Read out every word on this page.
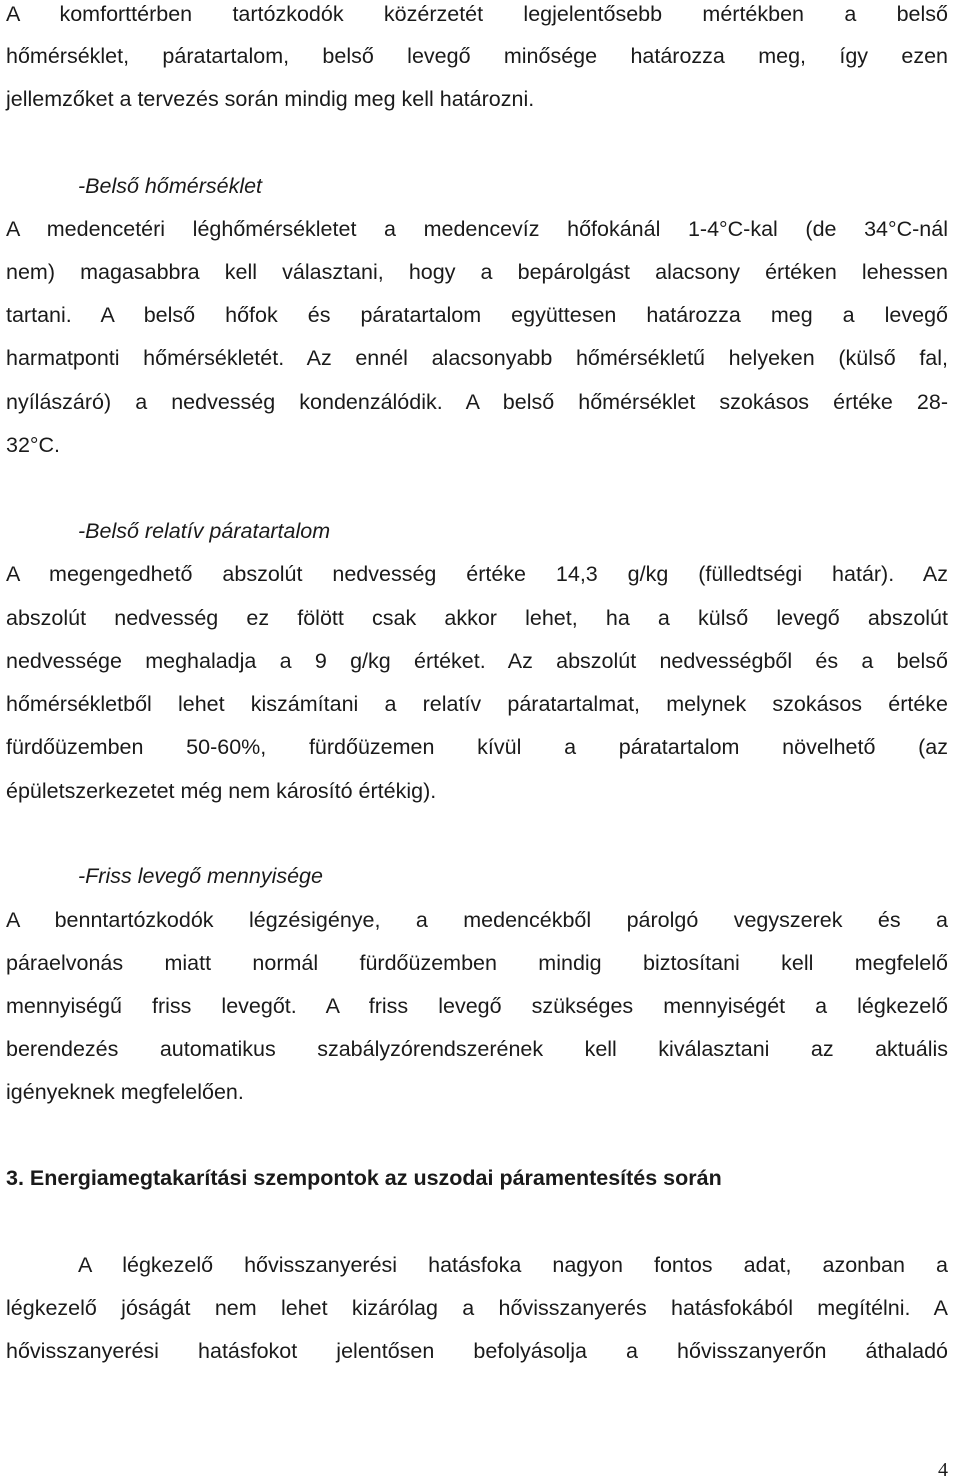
A komforttérben tartózkodók közérzetét legjelentősebb mértékben a belső
hőmérséklet, páratartalom, belső levegő minősége határozza meg, így ezen
jellemzőket a tervezés során mindig meg kell határozni.
-Belső hőmérséklet
A medencetéri léghőmérsékletet a medencevíz hőfokánál 1-4°C-kal (de 34°C-nál
nem) magasabbra kell választani, hogy a bepárolgást alacsony értéken lehessen
tartani. A belső hőfok és páratartalom együttesen határozza meg a levegő
harmatponti hőmérsékletét. Az ennél alacsonyabb hőmérsékletű helyeken (külső fal,
nyílászáró) a nedvesség kondenzálódik. A belső hőmérséklet szokásos értéke 28-
32°C.
-Belső relatív páratartalom
A megengedhető abszolút nedvesség értéke 14,3 g/kg (fülledtségi határ). Az
abszolút nedvesség ez fölött csak akkor lehet, ha a külső levegő abszolút
nedvessége meghaladja a 9 g/kg értéket. Az abszolút nedvességből és a belső
hőmérsékletből lehet kiszámítani a relatív páratartalmat, melynek szokásos értéke
fürdőüzemben 50-60%, fürdőüzemen kívül a páratartalom növelhető (az
épületszerkezetet még nem károsító értékig).
-Friss levegő mennyisége
A benntartózkodók légzésigénye, a medencékből párolgó vegyszerek és a
páraelvonás miatt normál fürdőüzemben mindig biztosítani kell megfelelő
mennyiségű friss levegőt. A friss levegő szükséges mennyiségét a légkezelő
berendezés automatikus szabályzórendszerének kell kiválasztani az aktuális
igényeknek megfelelően.
3. Energiamegtakarítási szempontok az uszodai páramentesítés során
A légkezelő hővisszanyerési hatásfoka nagyon fontos adat, azonban a
légkezelő jóságát nem lehet kizárólag a hővisszanyerés hatásfokából megítélni. A
hővisszanyerési hatásfokot jelentősen befolyásolja a hővisszanyerőn áthaladó
4
